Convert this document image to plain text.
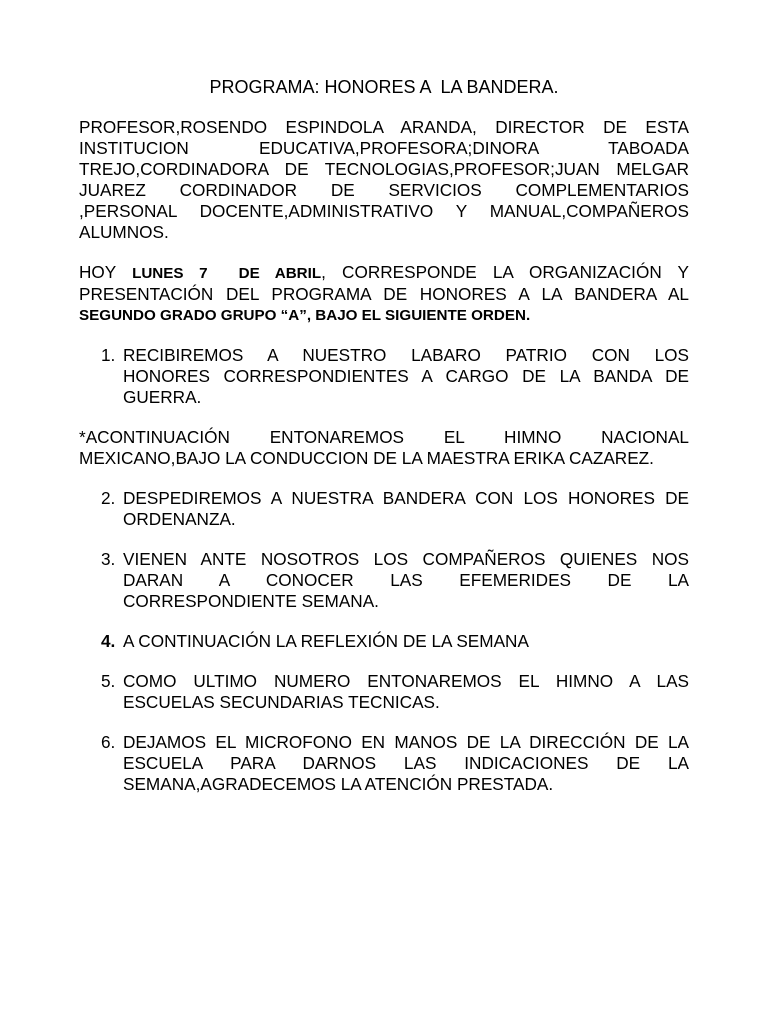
PROGRAMA: HONORES A  LA BANDERA.
PROFESOR,ROSENDO ESPINDOLA ARANDA, DIRECTOR DE ESTA
INSTITUCION EDUCATIVA,PROFESORA;DINORA TABOADA
TREJO,CORDINADORA DE TECNOLOGIAS,PROFESOR;JUAN MELGAR
JUAREZ CORDINADOR DE SERVICIOS COMPLEMENTARIOS
,PERSONAL DOCENTE,ADMINISTRATIVO Y MANUAL,COMPAÑEROS
ALUMNOS.
HOY LUNES 7  DE ABRIL, CORRESPONDE LA ORGANIZACIÓN Y
PRESENTACIÓN DEL PROGRAMA DE HONORES A LA BANDERA AL
SEGUNDO GRADO GRUPO “A”, BAJO EL SIGUIENTE ORDEN.
1. RECIBIREMOS A NUESTRO LABARO PATRIO CON LOS
HONORES CORRESPONDIENTES A CARGO DE LA BANDA DE
GUERRA.
*ACONTINUACIÓN ENTONAREMOS EL HIMNO NACIONAL
MEXICANO,BAJO LA CONDUCCION DE LA MAESTRA ERIKA CAZAREZ.
2. DESPEDIREMOS A NUESTRA BANDERA CON LOS HONORES DE
ORDENANZA.
3. VIENEN ANTE NOSOTROS LOS COMPAÑEROS QUIENES NOS
DARAN A CONOCER LAS EFEMERIDES DE LA
CORRESPONDIENTE SEMANA.
4. A CONTINUACIÓN LA REFLEXIÓN DE LA SEMANA
5. COMO ULTIMO NUMERO ENTONAREMOS EL HIMNO A LAS
ESCUELAS SECUNDARIAS TECNICAS.
6. DEJAMOS EL MICROFONO EN MANOS DE LA DIRECCIÓN DE LA
ESCUELA PARA DARNOS LAS INDICACIONES DE LA
SEMANA,AGRADECEMOS LA ATENCIÓN PRESTADA.
